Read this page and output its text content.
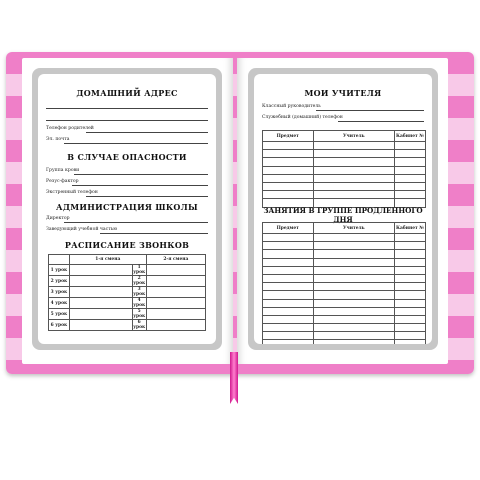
ДОМАШНИЙ АДРЕС
Телефон родителей
Эл. почта
В СЛУЧАЕ ОПАСНОСТИ
Группа крови
Резус-фактор
Экстренный телефон
АДМИНИСТРАЦИЯ ШКОЛЫ
Директор
Заведующий учебной частью
РАСПИСАНИЕ ЗВОНКОВ
	1-я смена		2-я смена
1 урок		1 урок	
2 урок		2 урок	
3 урок		3 урок	
4 урок		4 урок	
5 урок		5 урок	
6 урок		6 урок	
МОИ УЧИТЕЛЯ
Классный руководитель
Служебный (домашний) телефон
Предмет	Учитель	Кабинет №

ЗАНЯТИЯ В ГРУППЕ ПРОДЛЕННОГО ДНЯ
Предмет	Учитель	Кабинет №
